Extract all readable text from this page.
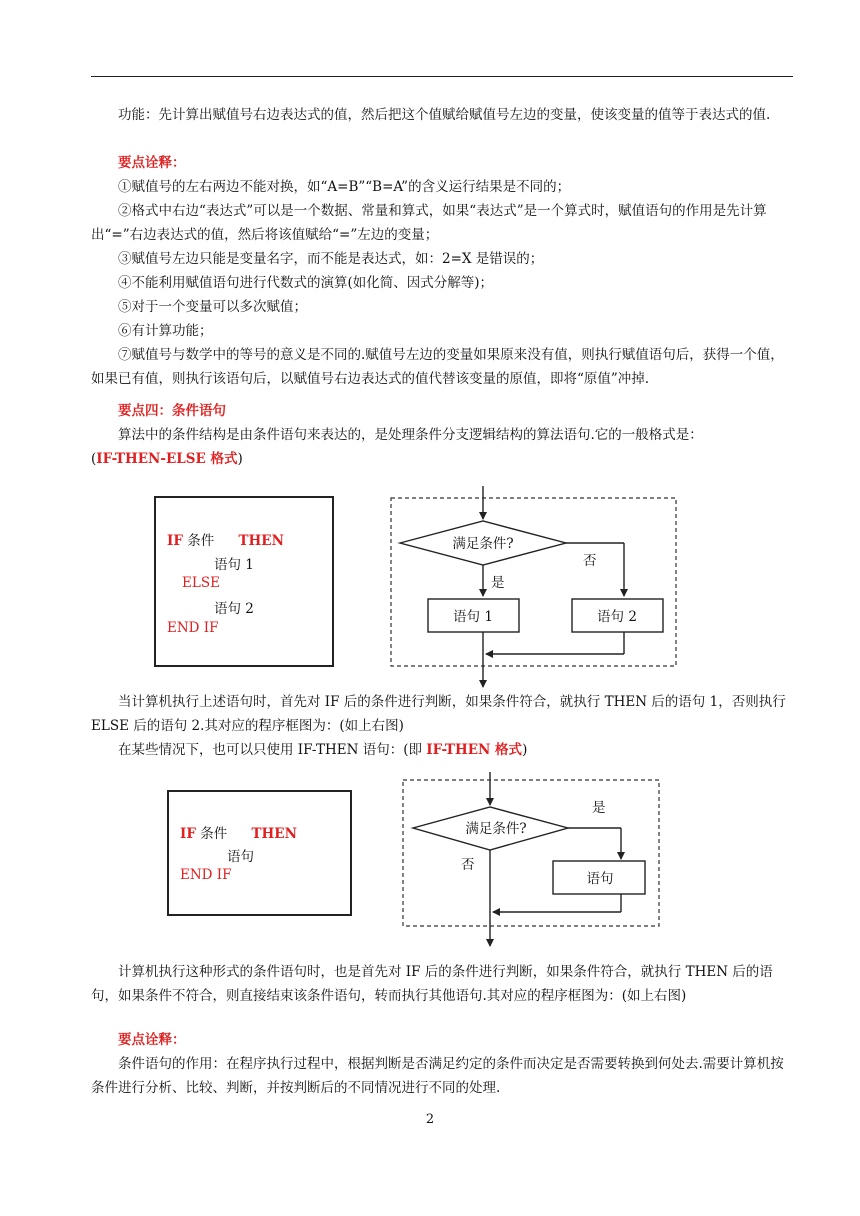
功能：先计算出赋值号右边表达式的值，然后把这个值赋给赋值号左边的变量，使该变量的值等于表达式的值.

要点诠释：

①赋值号的左右两边不能对换，如“A=B”“B=A”的含义运行结果是不同的；

②格式中右边“表达式”可以是一个数据、常量和算式，如果“表达式”是一个算式时，赋值语句的作用是先计算出“=”右边表达式的值，然后将该值赋给“=”左边的变量；

③赋值号左边只能是变量名字，而不能是表达式，如：2=X 是错误的；

④不能利用赋值语句进行代数式的演算(如化简、因式分解等)；

⑤对于一个变量可以多次赋值；

⑥有计算功能；

⑦赋值号与数学中的等号的意义是不同的.赋值号左边的变量如果原来没有值，则执行赋值语句后，获得一个值，如果已有值，则执行该语句后，以赋值号右边表达式的值代替该变量的原值，即将“原值”冲掉.

要点四：条件语句

算法中的条件结构是由条件语句来表达的，是处理条件分支逻辑结构的算法语句.它的一般格式是：
(IF-THEN-ELSE 格式)

IF 条件 THEN
语句 1
ELSE
语句 2
END IF
满足条件?
否
是
语句 1	语句 2

当计算机执行上述语句时，首先对 IF 后的条件进行判断，如果条件符合，就执行 THEN 后的语句 1，否则执行 ELSE 后的语句 2.其对应的程序框图为：(如上右图)

在某些情况下，也可以只使用 IF-THEN 语句：(即 IF-THEN 格式)

IF 条件 THEN
语句
END IF
满足条件?
是
否
语句

计算机执行这种形式的条件语句时，也是首先对 IF 后的条件进行判断，如果条件符合，就执行 THEN 后的语句，如果条件不符合，则直接结束该条件语句，转而执行其他语句.其对应的程序框图为：(如上右图)

要点诠释：

条件语句的作用：在程序执行过程中，根据判断是否满足约定的条件而决定是否需要转换到何处去.需要计算机按条件进行分析、比较、判断，并按判断后的不同情况进行不同的处理.

2
